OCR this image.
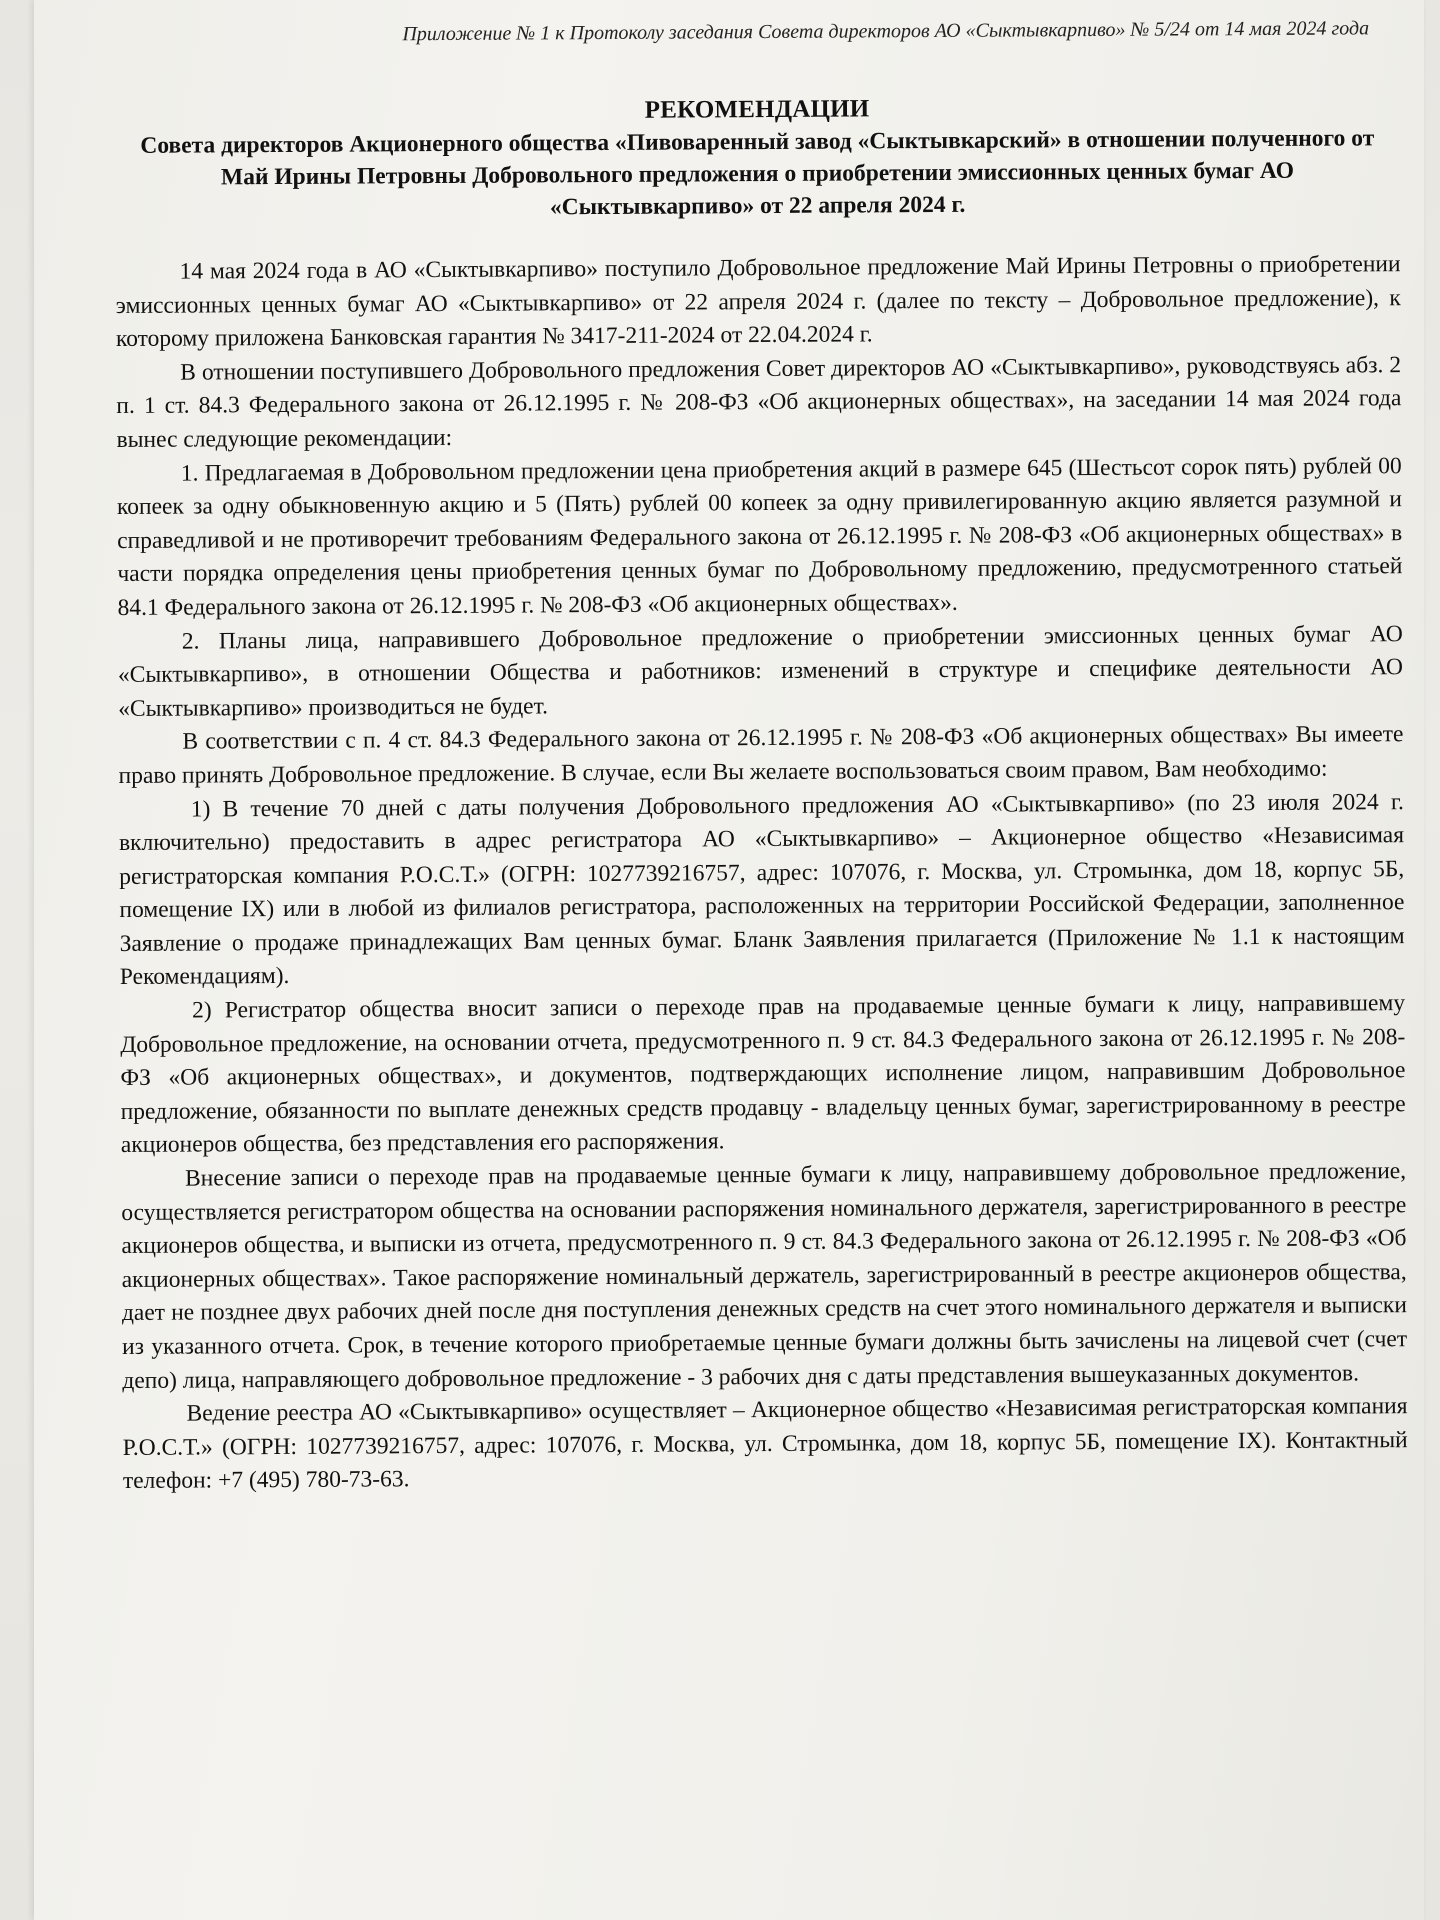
Приложение № 1 к Протоколу заседания Совета директоров АО «Сыктывкарпиво» № 5/24 от 14 мая 2024 года
РЕКОМЕНДАЦИИ
Совета директоров Акционерного общества «Пивоваренный завод «Сыктывкарский» в отношении полученного от Май Ирины Петровны Добровольного предложения о приобретении эмиссионных ценных бумаг АО «Сыктывкарпиво» от 22 апреля 2024 г.

14 мая 2024 года в АО «Сыктывкарпиво» поступило Добровольное предложение Май Ирины Петровны о приобретении эмиссионных ценных бумаг АО «Сыктывкарпиво» от 22 апреля 2024 г. (далее по тексту – Добровольное предложение), к которому приложена Банковская гарантия № 3417-211-2024 от 22.04.2024 г.

В отношении поступившего Добровольного предложения Совет директоров АО «Сыктывкарпиво», руководствуясь абз. 2 п. 1 ст. 84.3 Федерального закона от 26.12.1995 г. № 208-ФЗ «Об акционерных обществах», на заседании 14 мая 2024 года вынес следующие рекомендации:

1. Предлагаемая в Добровольном предложении цена приобретения акций в размере 645 (Шестьсот сорок пять) рублей 00 копеек за одну обыкновенную акцию и 5 (Пять) рублей 00 копеек за одну привилегированную акцию является разумной и справедливой и не противоречит требованиям Федерального закона от 26.12.1995 г. № 208-ФЗ «Об акционерных обществах» в части порядка определения цены приобретения ценных бумаг по Добровольному предложению, предусмотренного статьей 84.1 Федерального закона от 26.12.1995 г. № 208-ФЗ «Об акционерных обществах».

2. Планы лица, направившего Добровольное предложение о приобретении эмиссионных ценных бумаг АО «Сыктывкарпиво», в отношении Общества и работников: изменений в структуре и специфике деятельности АО «Сыктывкарпиво» производиться не будет.

В соответствии с п. 4 ст. 84.3 Федерального закона от 26.12.1995 г. № 208-ФЗ «Об акционерных обществах» Вы имеете право принять Добровольное предложение. В случае, если Вы желаете воспользоваться своим правом, Вам необходимо:

1) В течение 70 дней с даты получения Добровольного предложения АО «Сыктывкарпиво» (по 23 июля 2024 г. включительно) предоставить в адрес регистратора АО «Сыктывкарпиво» – Акционерное общество «Независимая регистраторская компания Р.О.С.Т.» (ОГРН: 1027739216757, адрес: 107076, г. Москва, ул. Стромынка, дом 18, корпус 5Б, помещение IX) или в любой из филиалов регистратора, расположенных на территории Российской Федерации, заполненное Заявление о продаже принадлежащих Вам ценных бумаг. Бланк Заявления прилагается (Приложение № 1.1 к настоящим Рекомендациям).

2) Регистратор общества вносит записи о переходе прав на продаваемые ценные бумаги к лицу, направившему Добровольное предложение, на основании отчета, предусмотренного п. 9 ст. 84.3 Федерального закона от 26.12.1995 г. № 208-ФЗ «Об акционерных обществах», и документов, подтверждающих исполнение лицом, направившим Добровольное предложение, обязанности по выплате денежных средств продавцу - владельцу ценных бумаг, зарегистрированному в реестре акционеров общества, без представления его распоряжения.

Внесение записи о переходе прав на продаваемые ценные бумаги к лицу, направившему добровольное предложение, осуществляется регистратором общества на основании распоряжения номинального держателя, зарегистрированного в реестре акционеров общества, и выписки из отчета, предусмотренного п. 9 ст. 84.3 Федерального закона от 26.12.1995 г. № 208-ФЗ «Об акционерных обществах». Такое распоряжение номинальный держатель, зарегистрированный в реестре акционеров общества, дает не позднее двух рабочих дней после дня поступления денежных средств на счет этого номинального держателя и выписки из указанного отчета. Срок, в течение которого приобретаемые ценные бумаги должны быть зачислены на лицевой счет (счет депо) лица, направляющего добровольное предложение - 3 рабочих дня с даты представления вышеуказанных документов.

Ведение реестра АО «Сыктывкарпиво» осуществляет – Акционерное общество «Независимая регистраторская компания Р.О.С.Т.» (ОГРН: 1027739216757, адрес: 107076, г. Москва, ул. Стромынка, дом 18, корпус 5Б, помещение IX). Контактный телефон: +7 (495) 780-73-63.
